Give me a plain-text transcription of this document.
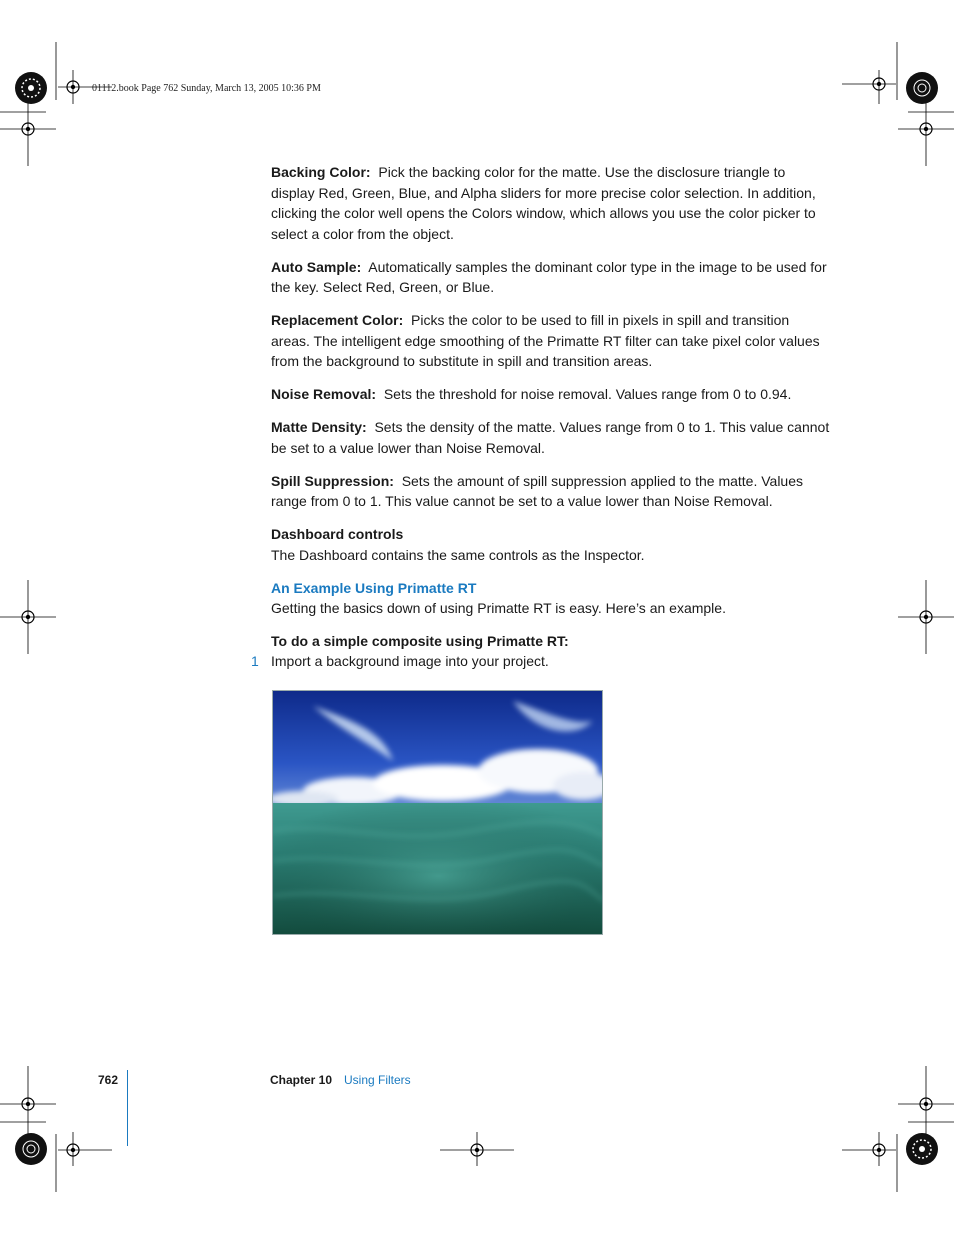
01112.book Page 762 Sunday, March 13, 2005 10:36 PM

Backing Color: Pick the backing color for the matte. Use the disclosure triangle to display Red, Green, Blue, and Alpha sliders for more precise color selection. In addition, clicking the color well opens the Colors window, which allows you use the color picker to select a color from the object.

Auto Sample: Automatically samples the dominant color type in the image to be used for the key. Select Red, Green, or Blue.

Replacement Color: Picks the color to be used to fill in pixels in spill and transition areas. The intelligent edge smoothing of the Primatte RT filter can take pixel color values from the background to substitute in spill and transition areas.

Noise Removal: Sets the threshold for noise removal. Values range from 0 to 0.94.

Matte Density: Sets the density of the matte. Values range from 0 to 1. This value cannot be set to a value lower than Noise Removal.

Spill Suppression: Sets the amount of spill suppression applied to the matte. Values range from 0 to 1. This value cannot be set to a value lower than Noise Removal.

Dashboard controls
The Dashboard contains the same controls as the Inspector.
An Example Using Primatte RT
Getting the basics down of using Primatte RT is easy. Here’s an example.
To do a simple composite using Primatte RT:
1 Import a background image into your project.
762	Chapter 10 Using Filters
